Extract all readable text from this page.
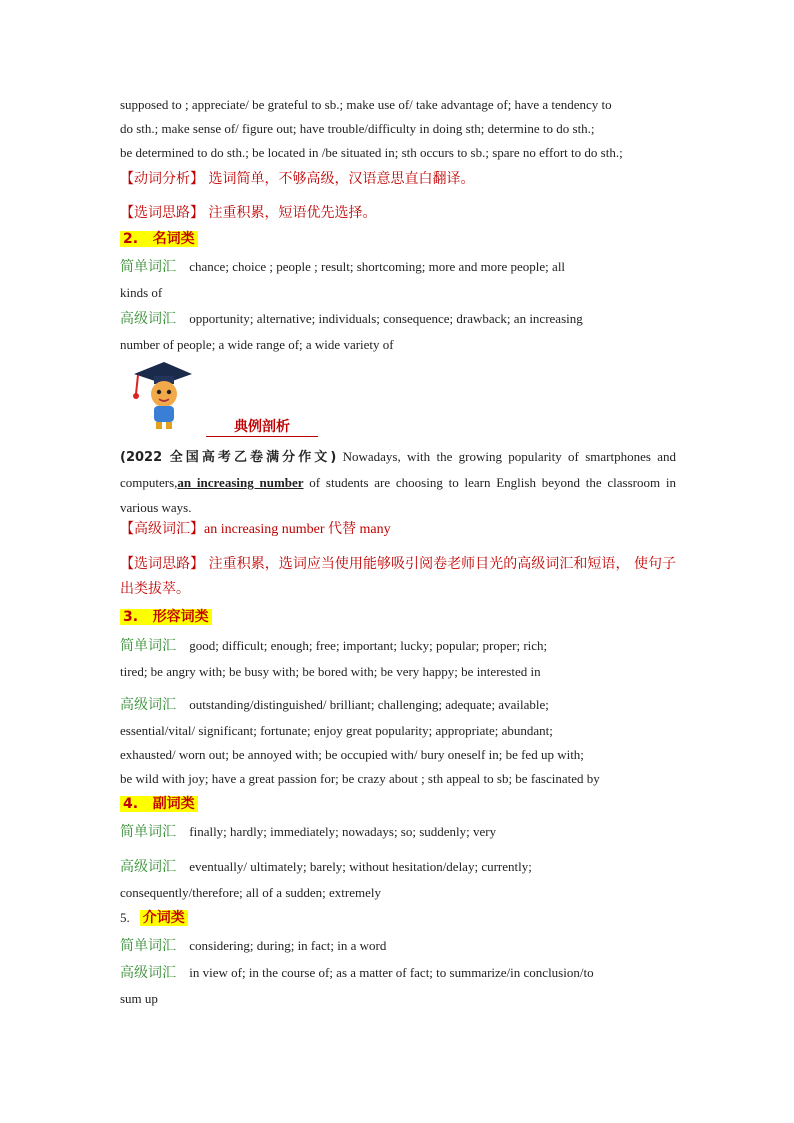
supposed to ; appreciate/ be grateful to sb.; make use of/ take advantage of; have a tendency to
do sth.; make sense of/ figure out; have trouble/difficulty in doing sth; determine to do sth.;
be determined to do sth.; be located in /be situated in; sth occurs to sb.; spare no effort to do sth.;
【动词分析】 选词简单，不够高级，汉语意思直白翻译。
【选词思路】 注重积累，短语优先选择。
2. 名词类
简单词汇 chance; choice ; people ; result; shortcoming; more and more people; all
kinds of
高级词汇 opportunity; alternative; individuals; consequence; drawback; an increasing
number of people; a wide range of; a wide variety of
典例剖析
(2022 全国高考乙卷满分作文) Nowadays, with the growing popularity of smartphones and computers,an increasing number of students are choosing to learn English beyond the classroom in various ways.
【高级词汇】an increasing number 代替 many
【选词思路】 注重积累，选词应当使用能够吸引阅卷老师目光的高级词汇和短语， 使句子出类拔萃。
3. 形容词类
简单词汇 good; difficult; enough; free; important; lucky; popular; proper; rich;
tired; be angry with; be busy with; be bored with; be very happy; be interested in
高级词汇 outstanding/distinguished/ brilliant; challenging; adequate; available;
essential/vital/ significant; fortunate; enjoy great popularity; appropriate; abundant;
exhausted/ worn out; be annoyed with; be occupied with/ bury oneself in; be fed up with;
be wild with joy; have a great passion for; be crazy about ; sth appeal to sb; be fascinated by
4. 副词类
简单词汇 finally; hardly; immediately; nowadays; so; suddenly; very
高级词汇 eventually/ ultimately; barely; without hesitation/delay; currently;
consequently/therefore; all of a sudden; extremely
5. 介词类
简单词汇 considering; during; in fact; in a word
高级词汇 in view of; in the course of; as a matter of fact; to summarize/in conclusion/to
sum up
